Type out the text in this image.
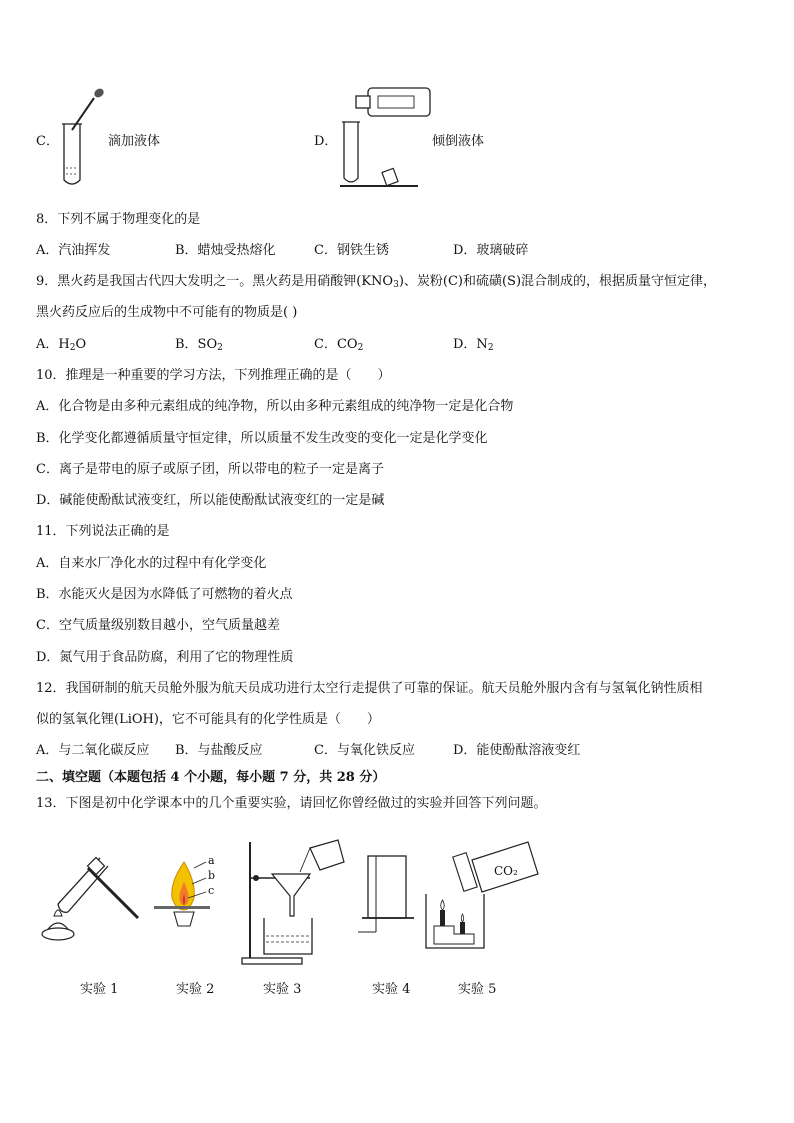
C．	滴加液体	D．	倾倒液体
8．下列不属于物理变化的是
A．汽油挥发	B．蜡烛受热熔化	C．钢铁生锈	D．玻璃破碎
9．黑火药是我国古代四大发明之一。黑火药是用硝酸钾$(KNO_3)$、炭粉(C)和硫磺(S)混合制成的，根据质量守恒定律，
黑火药反应后的生成物中不可能有的物质是( )
A．$H_2O$	B．$SO_2$	C．$CO_2$	D．$N_2$
10．推理是一种重要的学习方法，下列推理正确的是（　　）
A．化合物是由多种元素组成的纯净物，所以由多种元素组成的纯净物一定是化合物
B．化学变化都遵循质量守恒定律，所以质量不发生改变的变化一定是化学变化
C．离子是带电的原子或原子团，所以带电的粒子一定是离子
D．碱能使酚酞试液变红，所以能使酚酞试液变红的一定是碱
11．下列说法正确的是
A．自来水厂净化水的过程中有化学变化
B．水能灭火是因为水降低了可燃物的着火点
C．空气质量级别数目越小，空气质量越差
D．氮气用于食品防腐，利用了它的物理性质
12．我国研制的航天员舱外服为航天员成功进行太空行走提供了可靠的保证。航天员舱外服内含有与氢氧化钠性质相
似的氢氧化锂(LiOH)，它不可能具有的化学性质是（　　）
A．与二氧化碳反应 B．与盐酸反应	C．与氧化铁反应	D．能使酚酞溶液变红
二、填空题（本题包括 4 个小题，每小题 7 分，共 28 分）
13．下图是初中化学课本中的几个重要实验，请回忆你曾经做过的实验并回答下列问题。
a
b
c
CO₂
实验 1	实验 2	实验 3	实验 4	实验 5
